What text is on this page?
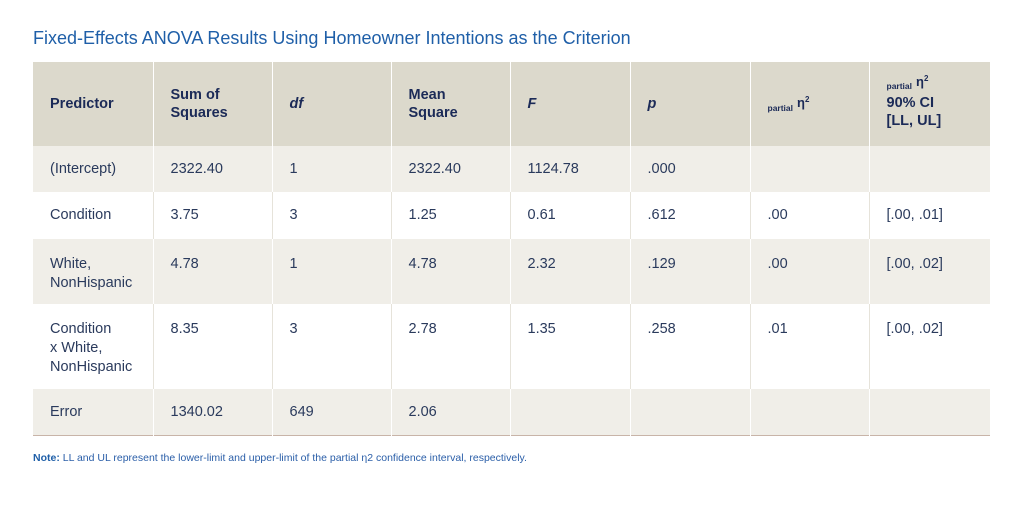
Fixed-Effects ANOVA Results Using Homeowner Intentions as the Criterion
Predictor	Sum of Squares	df	Mean Square	F	p	partial $\eta^2$	partial $\eta^2$
90% CI
[LL, UL]

(Intercept)	2322.40	1	2322.40	1124.78	.000		
Condition	3.75	3	1.25	0.61	.612	.00	[.00, .01]

White,
NonHispanic	4.78	1	4.78	2.32	.129	.00	[.00, .02]

Condition
x White,
NonHispanic	8.35	3	2.78	1.35	.258	.01	[.00, .02]
Error	1340.02	649	2.06				
Note: LL and UL represent the lower-limit and upper-limit of the partial η2 confidence interval, respectively.
